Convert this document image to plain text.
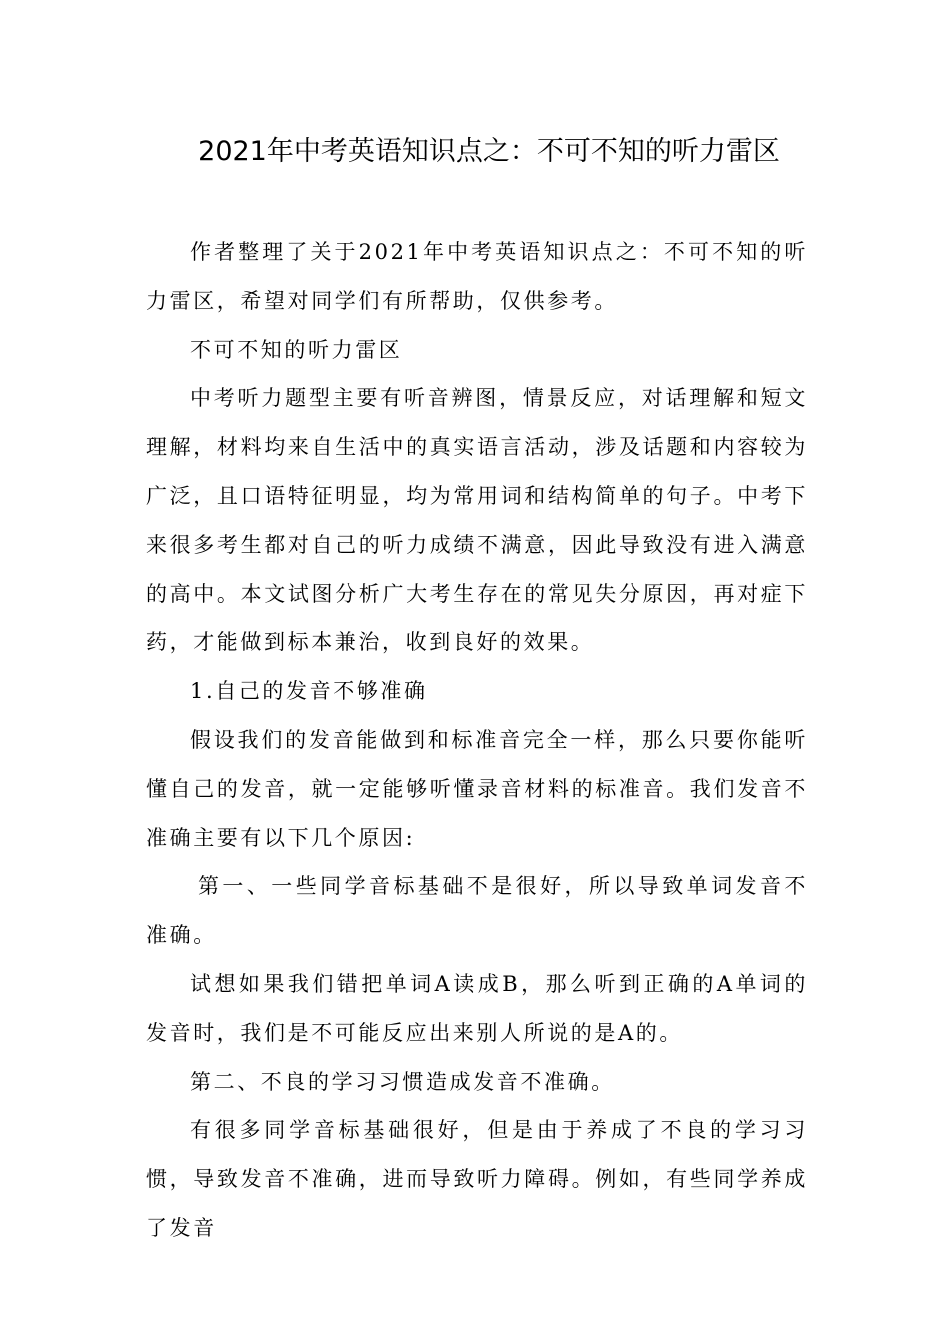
2021年中考英语知识点之：不可不知的听力雷区

作者整理了关于2021年中考英语知识点之：不可不知的听力雷区，希望对同学们有所帮助，仅供参考。

不可不知的听力雷区

中考听力题型主要有听音辨图，情景反应，对话理解和短文理解，材料均来自生活中的真实语言活动，涉及话题和内容较为广泛，且口语特征明显，均为常用词和结构简单的句子。中考下来很多考生都对自己的听力成绩不满意，因此导致没有进入满意的高中。本文试图分析广大考生存在的常见失分原因，再对症下药，才能做到标本兼治，收到良好的效果。

1.自己的发音不够准确

假设我们的发音能做到和标准音完全一样，那么只要你能听懂自己的发音，就一定能够听懂录音材料的标准音。我们发音不准确主要有以下几个原因:

第一、一些同学音标基础不是很好，所以导致单词发音不准确。

试想如果我们错把单词A读成B，那么听到正确的A单词的发音时，我们是不可能反应出来别人所说的是A的。

第二、不良的学习习惯造成发音不准确。

有很多同学音标基础很好，但是由于养成了不良的学习习惯，导致发音不准确，进而导致听力障碍。例如，有些同学养成了发音
